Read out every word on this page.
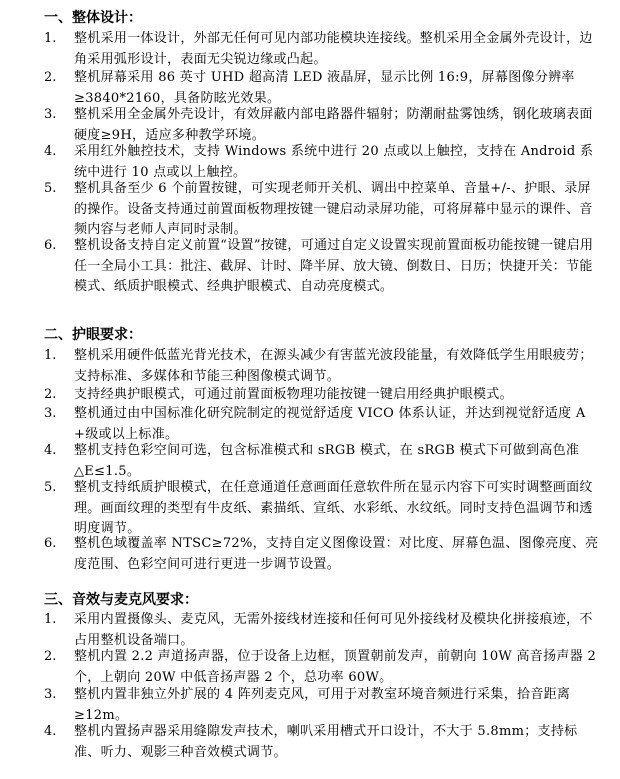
一、整体设计：
1.	整机采用一体设计，外部无任何可见内部功能模块连接线。整机采用全金属外壳设计，边角采用弧形设计，表面无尖锐边缘或凸起。

2.	整机屏幕采用 86 英寸 UHD 超高清 LED 液晶屏，显示比例 16:9，屏幕图像分辨率≥3840*2160，具备防眩光效果。

3.	整机采用全金属外壳设计，有效屏蔽内部电路器件辐射；防潮耐盐雾蚀绣，钢化玻璃表面硬度≥9H，适应多种教学环境。

4.	采用红外触控技术，支持 Windows 系统中进行 20 点或以上触控，支持在 Android 系统中进行 10 点或以上触控。

5.	整机具备至少 6 个前置按键，可实现老师开关机、调出中控菜单、音量+/-、护眼、录屏的操作。设备支持通过前置面板物理按键一键启动录屏功能，可将屏幕中显示的课件、音频内容与老师人声同时录制。

6.	整机设备支持自定义前置“设置”按键，可通过自定义设置实现前置面板功能按键一键启用任一全局小工具：批注、截屏、计时、降半屏、放大镜、倒数日、日历；快捷开关：节能模式、纸质护眼模式、经典护眼模式、自动亮度模式。

二、护眼要求：
1.	整机采用硬件低蓝光背光技术，在源头减少有害蓝光波段能量，有效降低学生用眼疲劳；支持标准、多媒体和节能三种图像模式调节。

2.	支持经典护眼模式，可通过前置面板物理功能按键一键启用经典护眼模式。

3.	整机通过由中国标准化研究院制定的视觉舒适度 VICO 体系认证，并达到视觉舒适度 A +级或以上标准。

4.	整机支持色彩空间可选，包含标准模式和 sRGB 模式，在 sRGB 模式下可做到高色准△E≤1.5。

5.	整机支持纸质护眼模式，在任意通道任意画面任意软件所在显示内容下可实时调整画面纹理。画面纹理的类型有牛皮纸、素描纸、宣纸、水彩纸、水纹纸。同时支持色温调节和透明度调节。

6.	整机色域覆盖率 NTSC≥72%，支持自定义图像设置：对比度、屏幕色温、图像亮度、亮度范围、色彩空间可进行更进一步调节设置。

三、音效与麦克风要求：
1.	采用内置摄像头、麦克风，无需外接线材连接和任何可见外接线材及模块化拼接痕迹，不占用整机设备端口。

2.	整机内置 2.2 声道扬声器，位于设备上边框，顶置朝前发声，前朝向 10W 高音扬声器 2 个，上朝向 20W 中低音扬声器 2 个，总功率 60W。

3.	整机内置非独立外扩展的 4 阵列麦克风，可用于对教室环境音频进行采集，拾音距离≥12m。

4.	整机内置扬声器采用缝隙发声技术，喇叭采用槽式开口设计，不大于 5.8mm；支持标准、听力、观影三种音效模式调节。
